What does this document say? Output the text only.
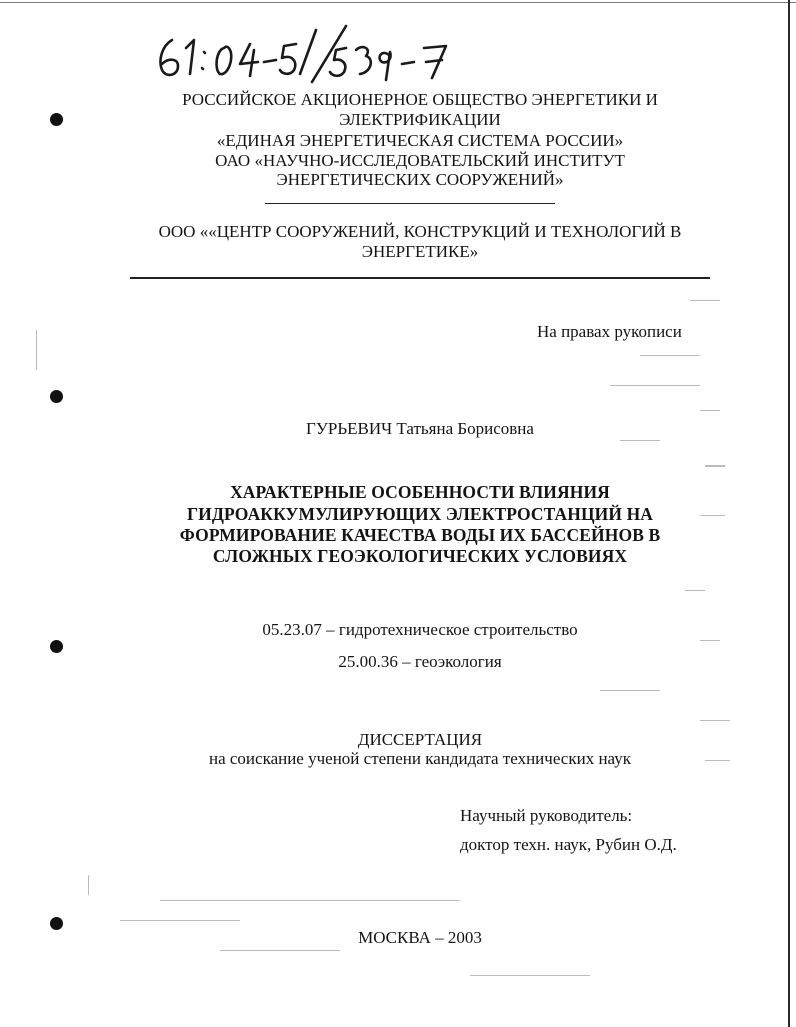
РОССИЙСКОЕ АКЦИОНЕРНОЕ ОБЩЕСТВО ЭНЕРГЕТИКИ И
ЭЛЕКТРИФИКАЦИИ
«ЕДИНАЯ ЭНЕРГЕТИЧЕСКАЯ СИСТЕМА РОССИИ»
ОАО «НАУЧНО-ИССЛЕДОВАТЕЛЬСКИЙ ИНСТИТУТ
ЭНЕРГЕТИЧЕСКИХ СООРУЖЕНИЙ»
ООО ««ЦЕНТР СООРУЖЕНИЙ, КОНСТРУКЦИЙ И ТЕХНОЛОГИЙ В
ЭНЕРГЕТИКЕ»
На правах рукописи
ГУРЬЕВИЧ Татьяна Борисовна
ХАРАКТЕРНЫЕ ОСОБЕННОСТИ ВЛИЯНИЯ
ГИДРОАККУМУЛИРУЮЩИХ ЭЛЕКТРОСТАНЦИЙ НА
ФОРМИРОВАНИЕ КАЧЕСТВА ВОДЫ ИХ БАССЕЙНОВ В
СЛОЖНЫХ ГЕОЭКОЛОГИЧЕСКИХ УСЛОВИЯХ
05.23.07 – гидротехническое строительство
25.00.36 – геоэкология
ДИССЕРТАЦИЯ
на соискание ученой степени кандидата технических наук
Научный руководитель:
доктор техн. наук, Рубин О.Д.
МОСКВА – 2003
